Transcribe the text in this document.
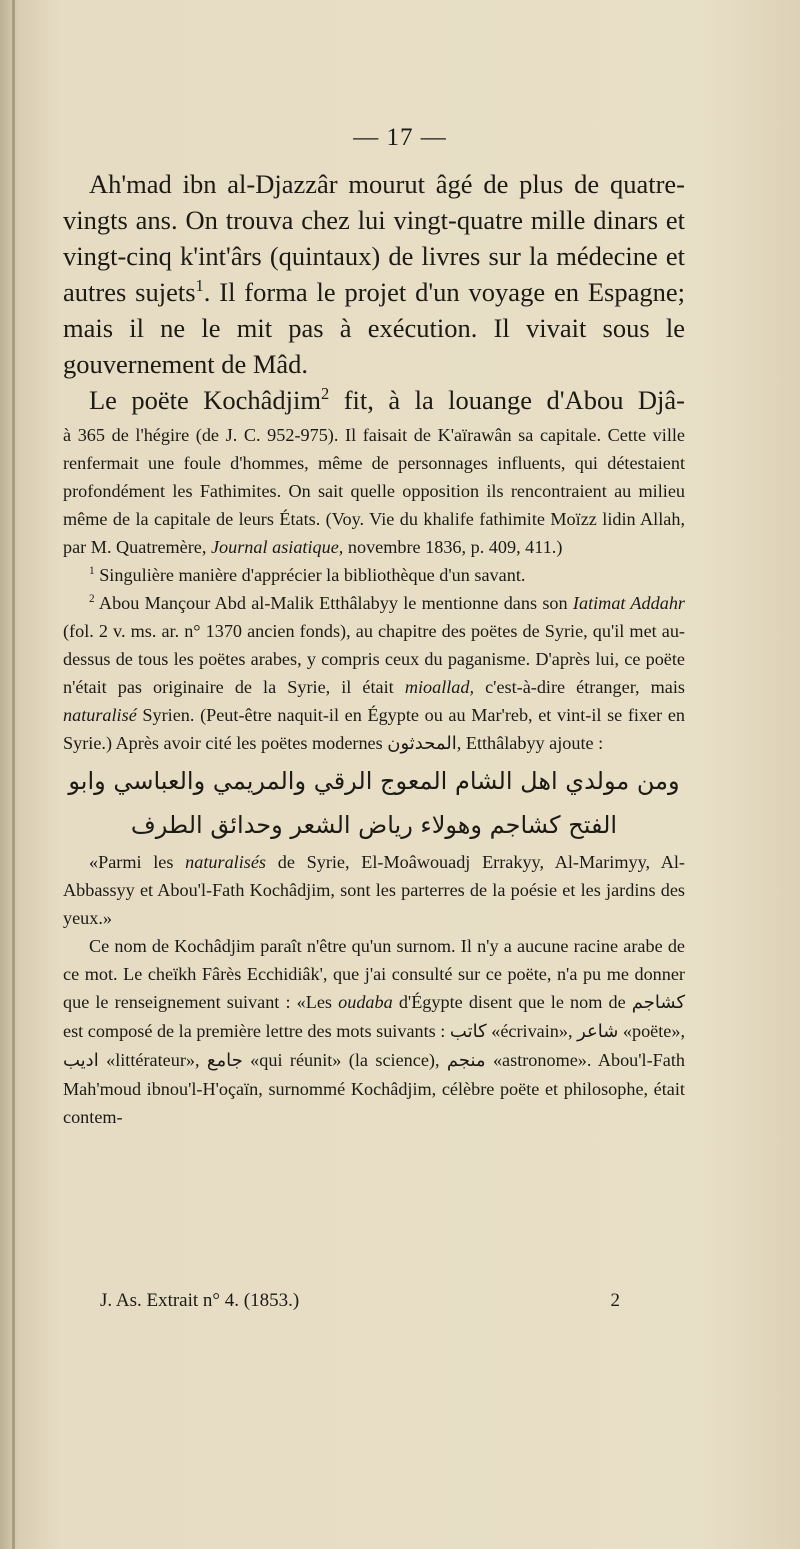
— 17 —

Ah'mad ibn al-Djazzâr mourut âgé de plus de quatre-vingts ans. On trouva chez lui vingt-quatre mille dinars et vingt-cinq k'int'ârs (quintaux) de livres sur la médecine et autres sujets$^1$. Il forma le projet d'un voyage en Espagne; mais il ne le mit pas à exécution. Il vivait sous le gouvernement de Mâd.

Le poëte Kochâdjim$^2$ fit, à la louange d'Abou Djâ-

à 365 de l'hégire (de J. C. 952-975). Il faisait de K'aïrawân sa capitale. Cette ville renfermait une foule d'hommes, même de personnages influents, qui détestaient profondément les Fathimites. On sait quelle opposition ils rencontraient au milieu même de la capitale de leurs États. (Voy. Vie du khalife fathimite Moïzz lidin Allah, par M. Quatremère, Journal asiatique, novembre 1836, p. 409, 411.)

$^1$ Singulière manière d'apprécier la bibliothèque d'un savant.

$^2$ Abou Mançour Abd al-Malik Etthâlabyy le mentionne dans son Iatimat Addahr (fol. 2 v. ms. ar. n° 1370 ancien fonds), au chapitre des poëtes de Syrie, qu'il met au-dessus de tous les poëtes arabes, y compris ceux du paganisme. D'après lui, ce poëte n'était pas originaire de la Syrie, il était mioallad, c'est-à-dire étranger, mais naturalisé Syrien. (Peut-être naquit-il en Égypte ou au Mar'reb, et vint-il se fixer en Syrie.) Après avoir cité les poëtes modernes المحدثون, Etthâlabyy ajoute :

ومن مولدي اهل الشام المعوج الرقي والمريمي والعباسي وابو
الفتح كشاجم وهولاء رياض الشعر وحدائق الطرف

«Parmi les naturalisés de Syrie, El-Moâwouadj Errakyy, Al-Marimyy, Al-Abbassyy et Abou'l-Fath Kochâdjim, sont les parterres de la poésie et les jardins des yeux.»

Ce nom de Kochâdjim paraît n'être qu'un surnom. Il n'y a aucune racine arabe de ce mot. Le cheïkh Fârès Ecchidiâk', que j'ai consulté sur ce poëte, n'a pu me donner que le renseignement suivant : «Les oudaba d'Égypte disent que le nom de كشاجم est composé de la première lettre des mots suivants : كاتب «écrivain», شاعر «poëte», اديب «littérateur», جامع «qui réunit» (la science), منجم «astronome». Abou'l-Fath Mah'moud ibnou'l-H'oçaïn, surnommé Kochâdjim, célèbre poëte et philosophe, était contem-

J. As. Extrait n° 4. (1853.)	2
